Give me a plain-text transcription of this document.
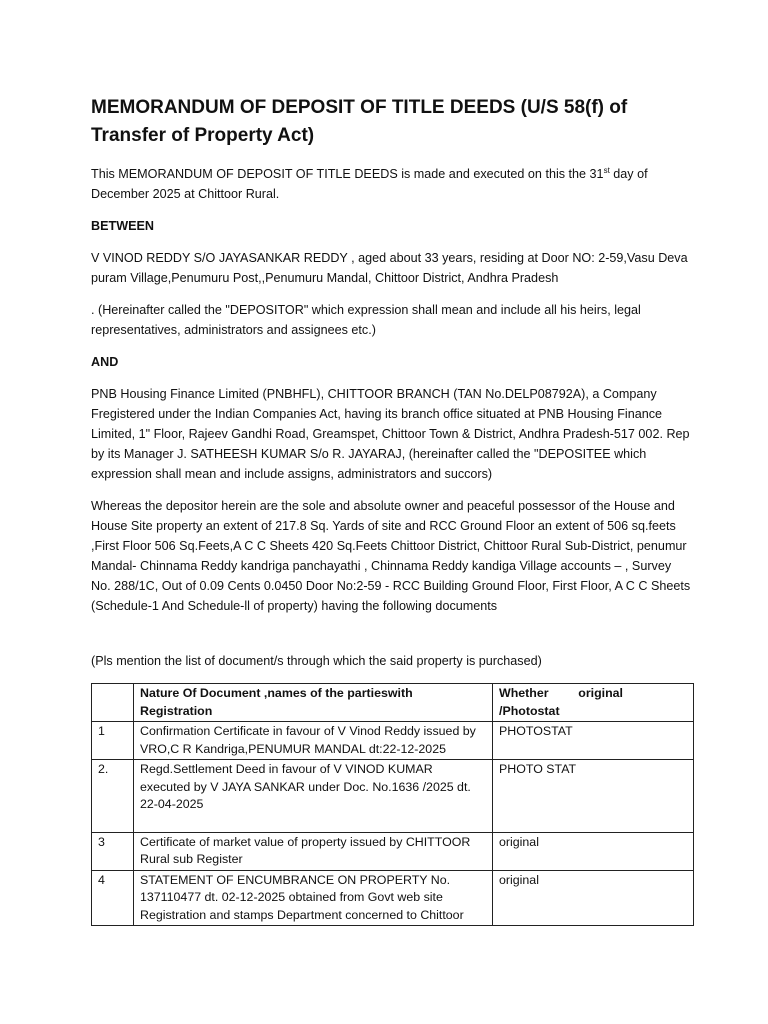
MEMORANDUM OF DEPOSIT OF TITLE DEEDS (U/S 58(f) of Transfer of Property Act)

This MEMORANDUM OF DEPOSIT OF TITLE DEEDS is made and executed on this the 31st day of December 2025 at Chittoor Rural.

BETWEEN

V VINOD REDDY S/O JAYASANKAR REDDY , aged about 33 years, residing at Door NO: 2-59,Vasu Deva puram Village,Penumuru Post,,Penumuru Mandal, Chittoor District, Andhra Pradesh

. (Hereinafter called the "DEPOSITOR" which expression shall mean and include all his heirs, legal representatives, administrators and assignees etc.)

AND

PNB Housing Finance Limited (PNBHFL), CHITTOOR BRANCH (TAN No.DELP08792A), a Company Fregistered under the Indian Companies Act, having its branch office situated at PNB Housing Finance Limited, 1" Floor, Rajeev Gandhi Road, Greamspet, Chittoor Town & District, Andhra Pradesh-517 002. Rep by its Manager J. SATHEESH KUMAR S/o R. JAYARAJ, (hereinafter called the "DEPOSITEE which expression shall mean and include assigns, administrators and succors)

Whereas the depositor herein are the sole and absolute owner and peaceful possessor of the House and House Site property an extent of 217.8 Sq. Yards of site and RCC Ground Floor an extent of 506 sq.feets ,First Floor 506 Sq.Feets,A C C Sheets 420 Sq.Feets Chittoor District, Chittoor Rural Sub-District, penumur Mandal- Chinnama Reddy kandriga panchayathi , Chinnama Reddy kandiga Village accounts – , Survey No. 288/1C, Out of 0.09 Cents 0.0450 Door No:2-59 - RCC Building Ground Floor, First Floor, A C C Sheets (Schedule-1 And Schedule-ll of property) having the following documents

(Pls mention the list of document/s through which the said property is purchased)

	Nature Of Document ,names of the partieswith Registration	Whether original
/Photostat

1	Confirmation Certificate in favour of V Vinod Reddy issued by VRO,C R Kandriga,PENUMUR MANDAL dt:22-12-2025	PHOTOSTAT
2.	Regd.Settlement Deed in favour of V VINOD KUMAR executed by V JAYA SANKAR under Doc. No.1636 /2025 dt. 22-04-2025	PHOTO STAT
3	Certificate of market value of property issued by CHITTOOR Rural sub Register	original
4	STATEMENT OF ENCUMBRANCE ON PROPERTY No. 137110477 dt. 02-12-2025 obtained from Govt web site Registration and stamps Department concerned to Chittoor	original
